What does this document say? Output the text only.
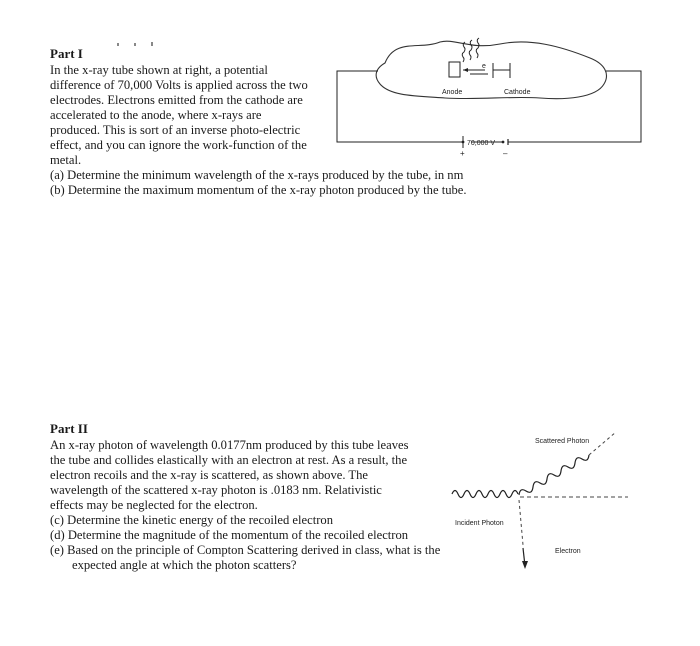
Part I
In the x-ray tube shown at right, a potential
difference of 70,000 Volts is applied across the two
electrodes. Electrons emitted from the cathode are
accelerated to the anode, where x-rays are
produced. This is sort of an inverse photo-electric
effect, and you can ignore the work-function of the
metal.
(a) Determine the minimum wavelength of the x-rays produced by the tube, in nm
(b) Determine the maximum momentum of the x-ray photon produced by the tube.
e
Anode	Cathode
70,000 V
+	–
Scattered Photon
Incident Photon
Electron
Part II
An x-ray photon of wavelength 0.0177nm produced by this tube leaves
the tube and collides elastically with an electron at rest. As a result, the
electron recoils and the x-ray is scattered, as shown above. The
wavelength of the scattered x-ray photon is .0183 nm. Relativistic
effects may be neglected for the electron.
(c) Determine the kinetic energy of the recoiled electron
(d) Determine the magnitude of the momentum of the recoiled electron
(e) Based on the principle of Compton Scattering derived in class, what is the expected angle at which the photon scatters?
